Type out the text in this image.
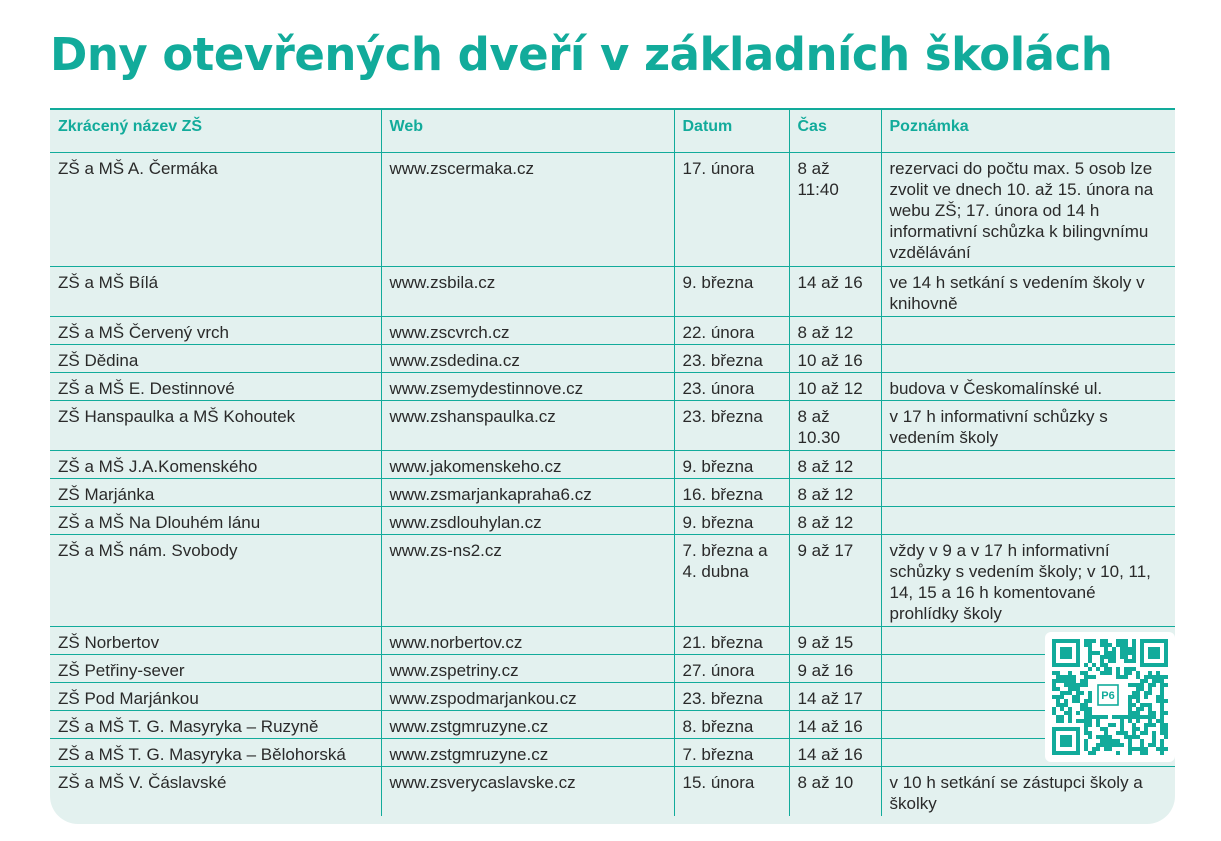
Dny otevřených dveří v základních školách
Zkrácený název ZŠ	Web	Datum	Čas	Poznámka
ZŠ a MŠ A. Čermáka	www.zscermaka.cz	17. února	8 až 11:40	rezervaci do počtu max. 5 osob lze zvolit ve dnech 10. až 15. února na webu ZŠ; 17. února od 14 h informativní schůzka k bilingvnímu vzdělávání
ZŠ a MŠ Bílá	www.zsbila.cz	9. března	14 až 16	ve 14 h setkání s vedením školy v knihovně
ZŠ a MŠ Červený vrch	www.zscvrch.cz	22. února	8 až 12	
ZŠ Dědina	www.zsdedina.cz	23. března	10 až 16	
ZŠ a MŠ E. Destinnové	www.zsemydestinnove.cz	23. února	10 až 12	budova v Českomalínské ul.
ZŠ Hanspaulka a MŠ Kohoutek	www.zshanspaulka.cz	23. března	8 až 10.30	v 17 h informativní schůzky s vedením školy
ZŠ a MŠ J.A.Komenského	www.jakomenskeho.cz	9. března	8 až 12	
ZŠ Marjánka	www.zsmarjankapraha6.cz	16. března	8 až 12	
ZŠ a MŠ Na Dlouhém lánu	www.zsdlouhylan.cz	9. března	8 až 12	
ZŠ a MŠ nám. Svobody	www.zs-ns2.cz	7. března a 4. dubna	9 až 17	vždy v 9 a v 17 h informativní schůzky s vedením školy; v 10, 11, 14, 15 a 16 h komentované prohlídky školy
ZŠ Norbertov	www.norbertov.cz	21. března	9 až 15	
ZŠ Petřiny-sever	www.zspetriny.cz	27. února	9 až 16	
ZŠ Pod Marjánkou	www.zspodmarjankou.cz	23. března	14 až 17	
ZŠ a MŠ T. G. Masyryka – Ruzyně	www.zstgmruzyne.cz	8. března	14 až 16	
ZŠ a MŠ T. G. Masyryka – Bělohorská	www.zstgmruzyne.cz	7. března	14 až 16	
ZŠ a MŠ V. Čáslavské	www.zsverycaslavske.cz	15. února	8 až 10	v 10 h setkání se zástupci školy a školky
P6
